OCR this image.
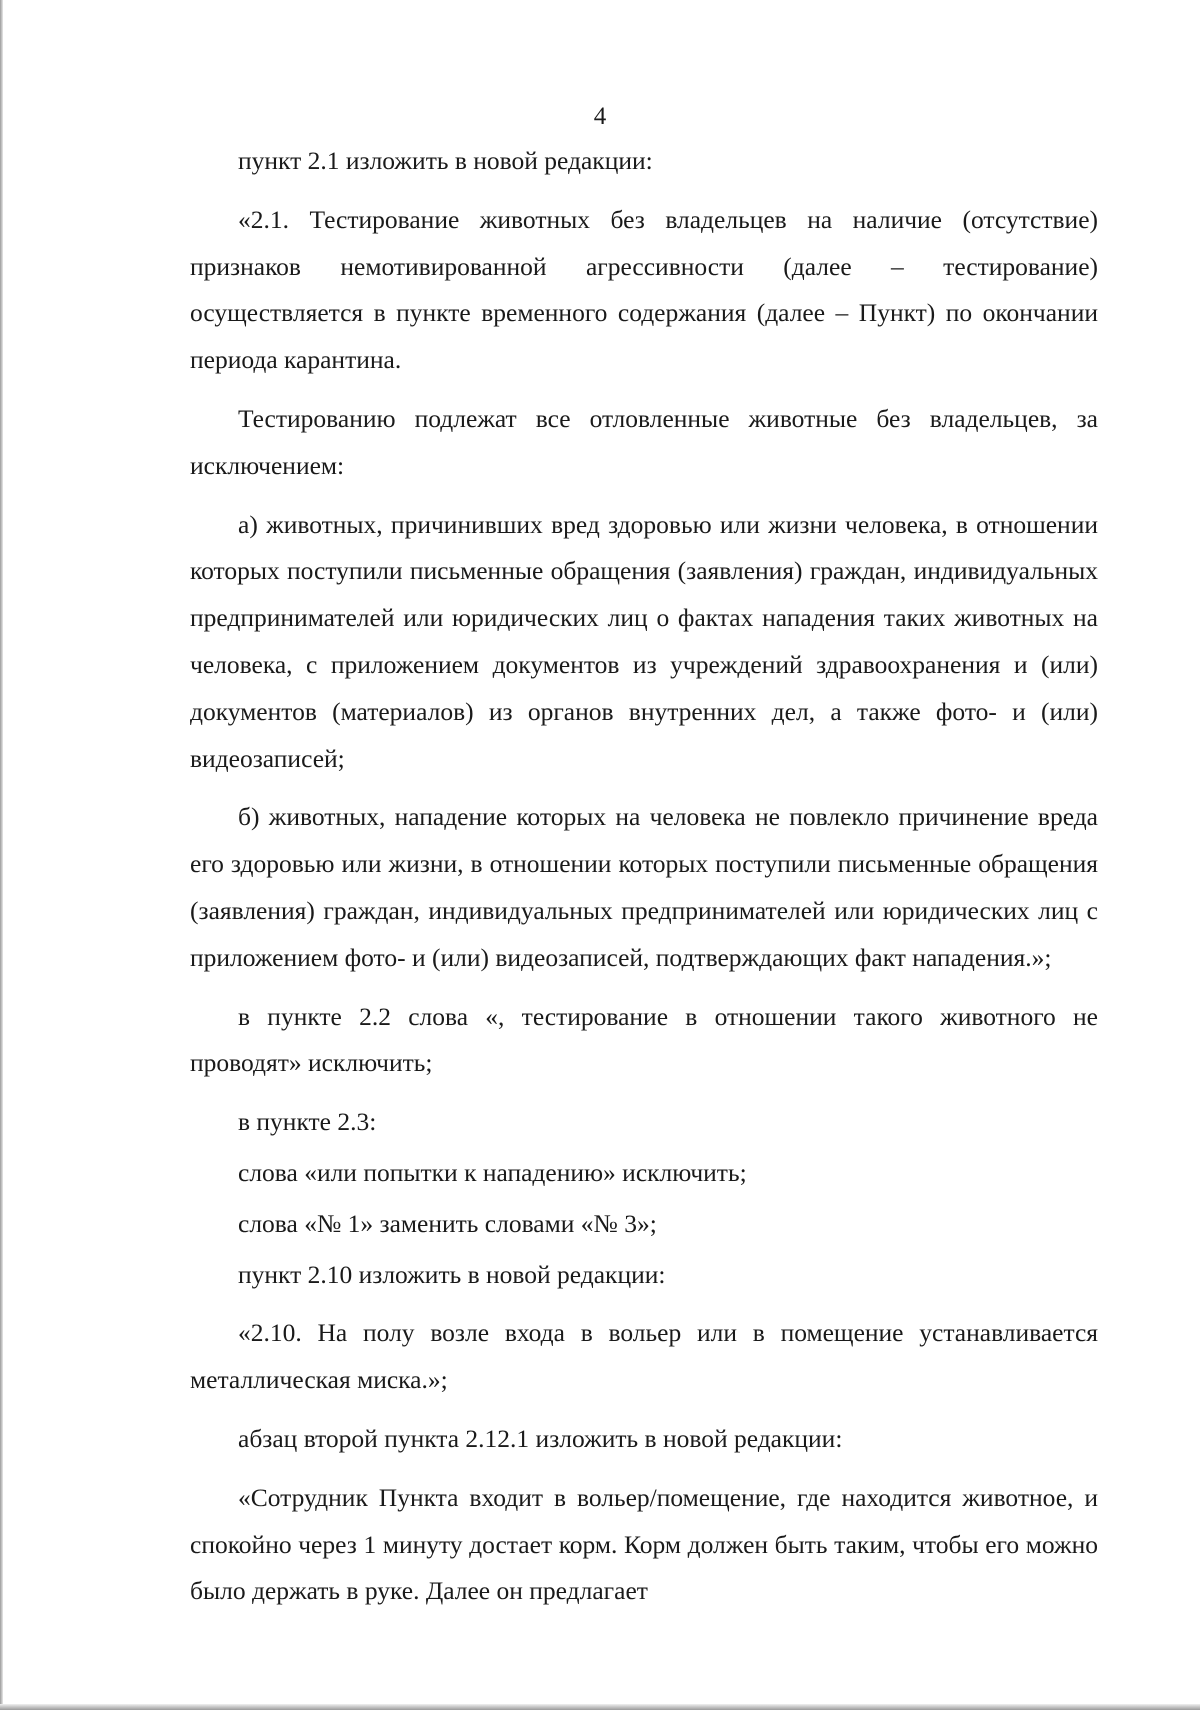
4

пункт 2.1 изложить в новой редакции:

«2.1. Тестирование животных без владельцев на наличие (отсутствие) признаков немотивированной агрессивности (далее – тестирование) осуществляется в пункте временного содержания (далее – Пункт) по окончании периода карантина.

Тестированию подлежат все отловленные животные без владельцев, за исключением:

а) животных, причинивших вред здоровью или жизни человека, в отношении которых поступили письменные обращения (заявления) граждан, индивидуальных предпринимателей или юридических лиц о фактах нападения таких животных на человека, с приложением документов из учреждений здравоохранения и (или) документов (материалов) из органов внутренних дел, а также фото- и (или) видеозаписей;

б) животных, нападение которых на человека не повлекло причинение вреда его здоровью или жизни, в отношении которых поступили письменные обращения (заявления) граждан, индивидуальных предпринимателей или юридических лиц с приложением фото- и (или) видеозаписей, подтверждающих факт нападения.»;

в пункте 2.2 слова «, тестирование в отношении такого животного не проводят» исключить;

в пункте 2.3:

слова «или попытки к нападению» исключить;

слова «№ 1» заменить словами «№ 3»;

пункт 2.10 изложить в новой редакции:

«2.10. На полу возле входа в вольер или в помещение устанавливается металлическая миска.»;

абзац второй пункта 2.12.1 изложить в новой редакции:

«Сотрудник Пункта входит в вольер/помещение, где находится животное, и спокойно через 1 минуту достает корм. Корм должен быть таким, чтобы его можно было держать в руке. Далее он предлагает
